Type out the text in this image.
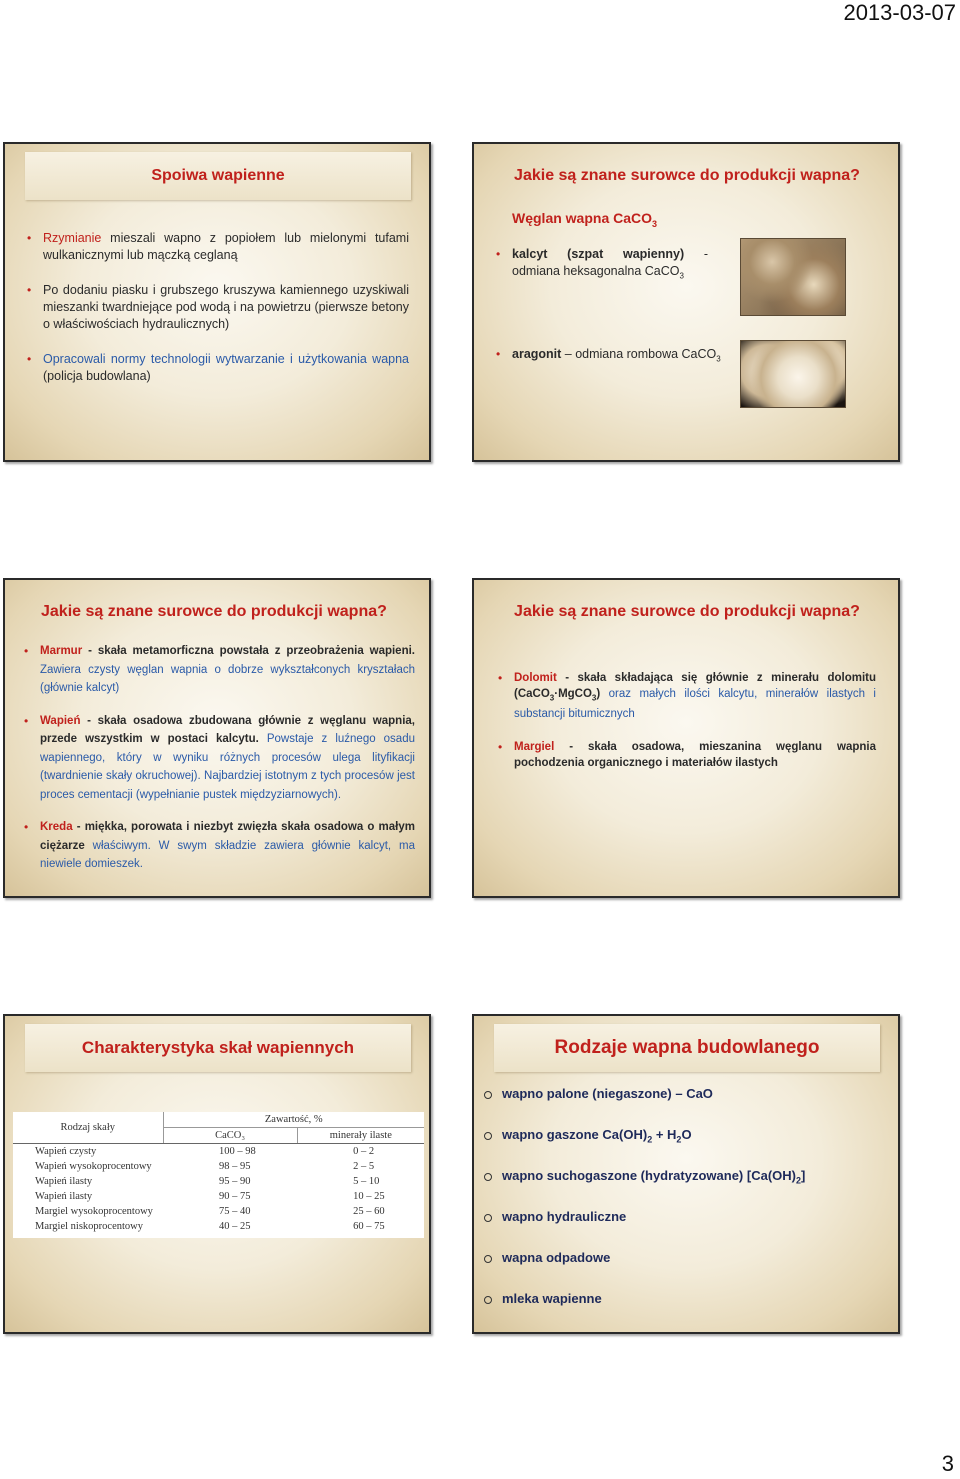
2013-03-07
Spoiwa wapienne
• Rzymianie mieszali wapno z popiołem lub mielonymi tufami wulkanicznymi lub mączką ceglaną
• Po dodaniu piasku i grubszego kruszywa kamiennego uzyskiwali mieszanki twardniejące pod wodą i na powietrzu (pierwsze betony o właściwościach hydraulicznych)
• Opracowali normy technologii wytwarzanie i użytkowania wapna (policja budowlana)
Jakie są znane surowce do produkcji wapna?
Węglan wapna CaCO$_3$
• kalcyt (szpat wapienny) - odmiana heksagonalna CaCO$_3$
• aragonit – odmiana rombowa CaCO$_3$
Jakie są znane surowce do produkcji wapna?
• Marmur - skała metamorficzna powstała z przeobrażenia wapieni. Zawiera czysty węglan wapnia o dobrze wykształconych kryształach (głównie kalcyt)
• Wapień - skała osadowa zbudowana głównie z węglanu wapnia, przede wszystkim w postaci kalcytu. Powstaje z luźnego osadu wapiennego, który w wyniku różnych procesów ulega lityfikacji (twardnienie skały okruchowej). Najbardziej istotnym z tych procesów jest proces cementacji (wypełnianie pustek międzyziarnowych).
• Kreda - miękka, porowata i niezbyt zwięzła skała osadowa o małym ciężarze właściwym. W swym składzie zawiera głównie kalcyt, ma niewiele domieszek.
Jakie są znane surowce do produkcji wapna?
• Dolomit - skała składająca się głównie z minerału dolomitu (CaCO$_3$·MgCO$_3$) oraz małych ilości kalcytu, minerałów ilastych i substancji bitumicznych
• Margiel - skała osadowa, mieszanina węglanu wapnia pochodzenia organicznego i materiałów ilastych
Charakterystyka skał wapiennych
Rodzaj skały	Zawartość, %	
	CaCO₃	minerały ilaste
Wapień czysty	100 – 98	0 – 2
Wapień wysokoprocentowy	98 – 95	2 – 5
Wapień ilasty	95 – 90	5 – 10
Wapień ilasty	90 – 75	10 – 25
Margiel wysokoprocentowy	75 – 40	25 – 60
Margiel niskoprocentowy	40 – 25	60 – 75
Rodzaje wapna budowlanego
wapno palone (niegaszone) – CaO
wapno gaszone $Ca(OH)_2 + H_2O$
wapno suchogaszone (hydratyzowane) $[Ca(OH)_2]$
wapno hydrauliczne
wapna odpadowe
mleka wapienne
3
